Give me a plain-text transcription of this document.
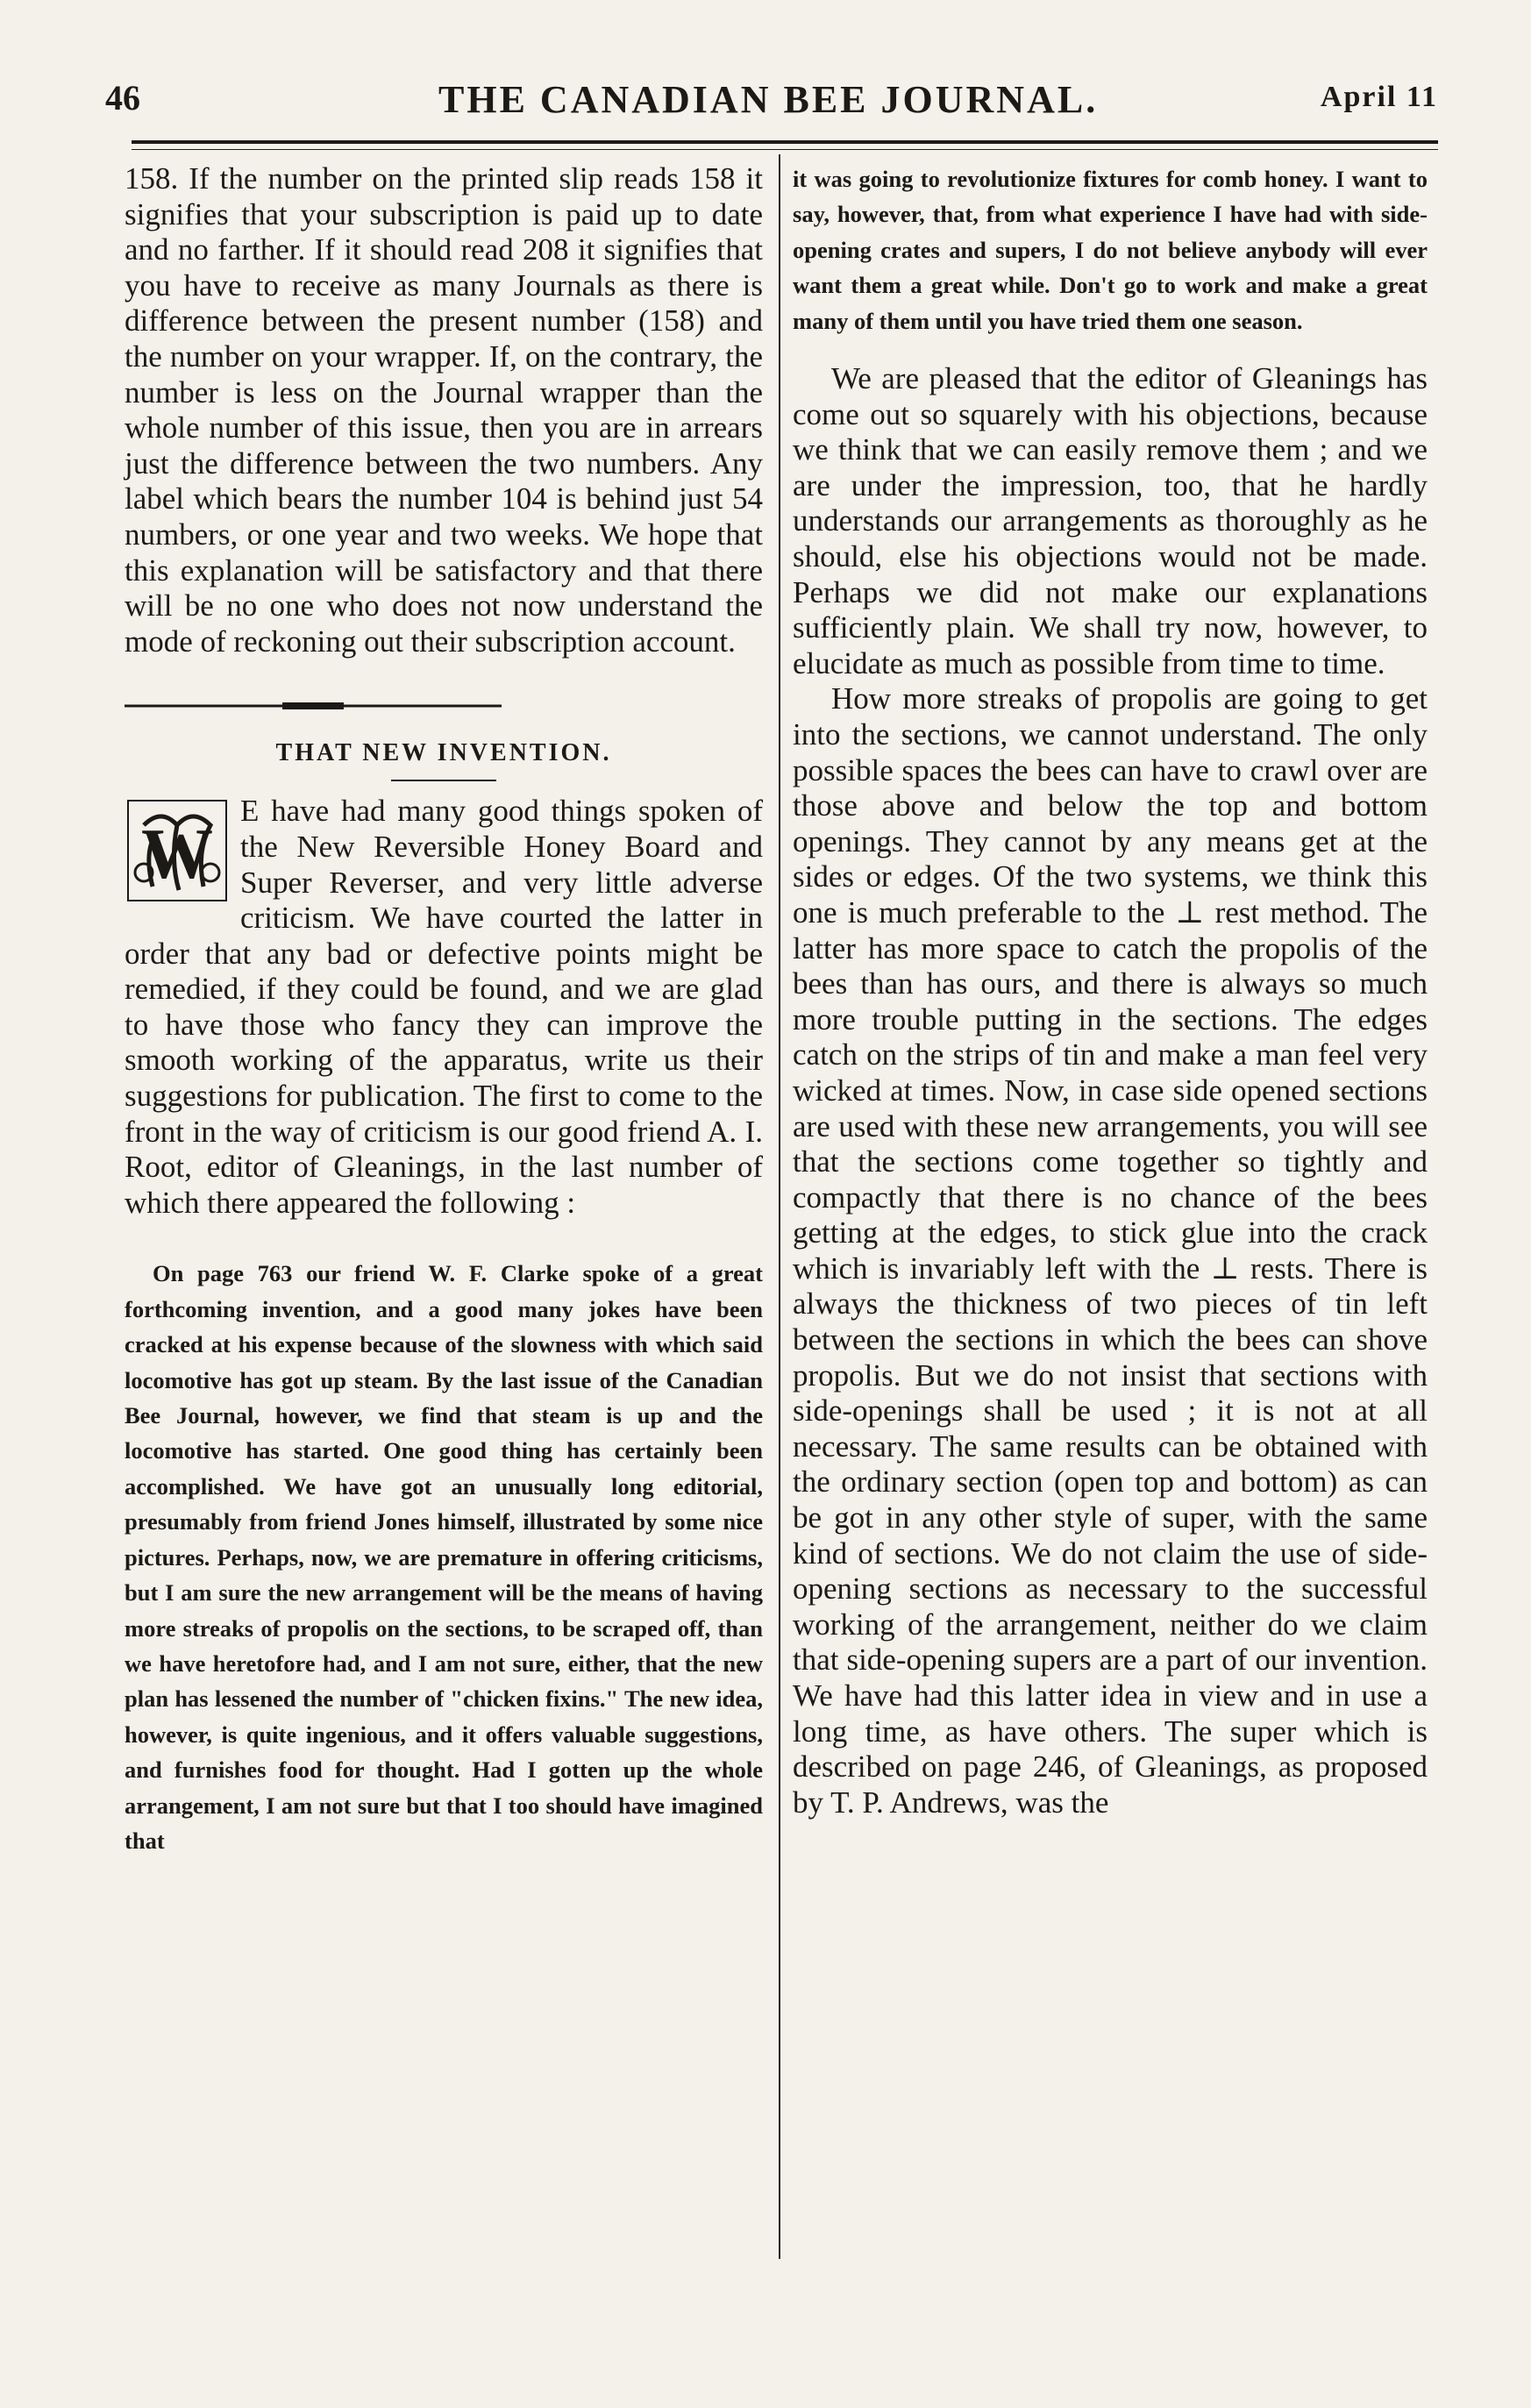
46	THE CANADIAN BEE JOURNAL.	April 11

158. If the number on the printed slip reads 158 it signifies that your subscription is paid up to date and no farther. If it should read 208 it signifies that you have to receive as many Journals as there is difference between the present number (158) and the number on your wrapper. If, on the contrary, the number is less on the Journal wrapper than the whole number of this issue, then you are in arrears just the difference between the two numbers. Any label which bears the number 104 is behind just 54 numbers, or one year and two weeks. We hope that this explanation will be satisfactory and that there will be no one who does not now understand the mode of reckoning out their subscription account.

THAT NEW INVENTION.
W

E have had many good things spoken of the New Reversible Honey Board and Super Reverser, and very little adverse criticism. We have courted the latter in order that any bad or defective points might be remedied, if they could be found, and we are glad to have those who fancy they can improve the smooth working of the apparatus, write us their suggestions for publication. The first to come to the front in the way of criticism is our good friend A. I. Root, editor of Gleanings, in the last number of which there appeared the following :

On page 763 our friend W. F. Clarke spoke of a great forthcoming invention, and a good many jokes have been cracked at his expense because of the slowness with which said locomotive has got up steam. By the last issue of the Canadian Bee Journal, however, we find that steam is up and the locomotive has started. One good thing has certainly been accomplished. We have got an unusually long editorial, presumably from friend Jones himself, illustrated by some nice pictures. Perhaps, now, we are premature in offering criticisms, but I am sure the new arrangement will be the means of having more streaks of propolis on the sections, to be scraped off, than we have heretofore had, and I am not sure, either, that the new plan has lessened the number of "chicken fixins." The new idea, however, is quite ingenious, and it offers valuable suggestions, and furnishes food for thought. Had I gotten up the whole arrangement, I am not sure but that I too should have imagined that

it was going to revolutionize fixtures for comb honey. I want to say, however, that, from what experience I have had with side-opening crates and supers, I do not believe anybody will ever want them a great while. Don't go to work and make a great many of them until you have tried them one season.

We are pleased that the editor of Gleanings has come out so squarely with his objections, because we think that we can easily remove them ; and we are under the impression, too, that he hardly understands our arrangements as thoroughly as he should, else his objections would not be made. Perhaps we did not make our explanations sufficiently plain. We shall try now, however, to elucidate as much as possible from time to time.

How more streaks of propolis are going to get into the sections, we cannot understand. The only possible spaces the bees can have to crawl over are those above and below the top and bottom openings. They cannot by any means get at the sides or edges. Of the two systems, we think this one is much preferable to the ⊥ rest method. The latter has more space to catch the propolis of the bees than has ours, and there is always so much more trouble putting in the sections. The edges catch on the strips of tin and make a man feel very wicked at times. Now, in case side opened sections are used with these new arrangements, you will see that the sections come together so tightly and compactly that there is no chance of the bees getting at the edges, to stick glue into the crack which is invariably left with the ⊥ rests. There is always the thickness of two pieces of tin left between the sections in which the bees can shove propolis. But we do not insist that sections with side-openings shall be used ; it is not at all necessary. The same results can be obtained with the ordinary section (open top and bottom) as can be got in any other style of super, with the same kind of sections. We do not claim the use of side-opening sections as necessary to the successful working of the arrangement, neither do we claim that side-opening supers are a part of our invention. We have had this latter idea in view and in use a long time, as have others. The super which is described on page 246, of Gleanings, as proposed by T. P. Andrews, was the
